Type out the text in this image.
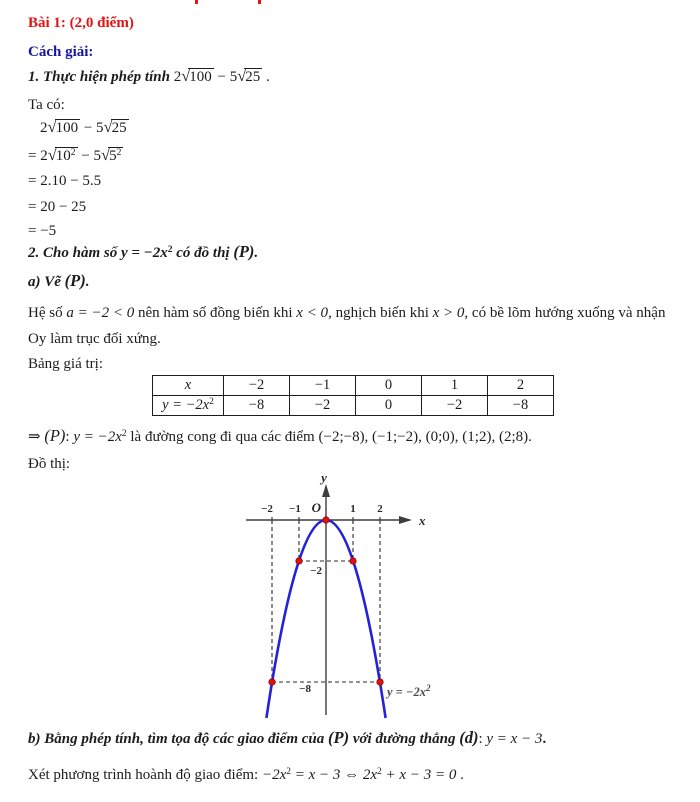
Bài 1: (2,0 điểm)
Cách giải:
1. Thực hiện phép tính 2√100 − 5√25 .
Ta có:
2√100 − 5√25
= $2√10^2 - 5√5^2$
= 2.10 − 5.5
= 20 − 25
= −5
2. Cho hàm số $y = -2x^2$ có đồ thị (P).
a) Vẽ (P).
Hệ số a = −2 < 0 nên hàm số đồng biến khi x < 0, nghịch biến khi x > 0, có bề lõm hướng xuống và nhận
Oy làm trục đối xứng.
Bảng giá trị:
x	−2	−1	0	1	2
$y = -2x^2$	−8	−2	0	−2	−8
⇒ (P): $y = -2x^2$ là đường cong đi qua các điểm (−2;−8), (−1;−2), (0;0), (1;2), (2;8).
Đồ thị:
y
x
O
−2 −1	1 2
−2
−8	$y = -2x^2$
b) Bằng phép tính, tìm tọa độ các giao điểm của (P) với đường thẳng (d): y = x − 3.
Xét phương trình hoành độ giao điểm: $-2x^2 = x - 3$ ⇔ $2x^2 + x - 3 = 0$ .
